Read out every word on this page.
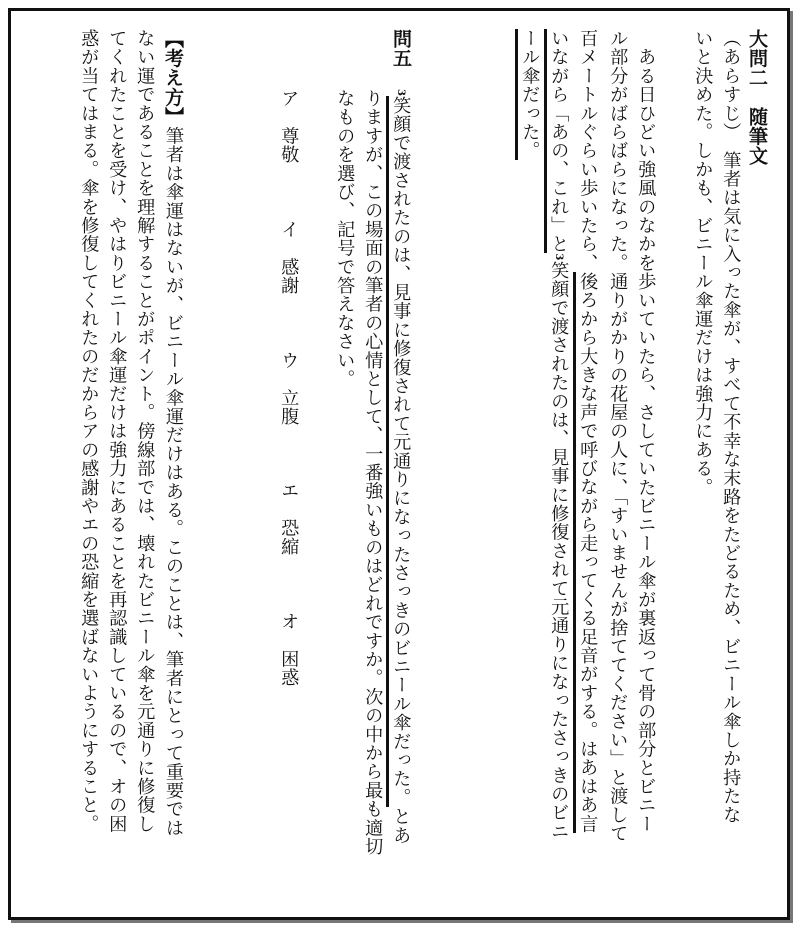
大問二　随筆文
（あらすじ）　筆者は気に入った傘が、すべて不幸な末路をたどるため、ビニール傘しか持たな
いと決めた。しかも、ビニール傘運だけは強力にある。
　ある日ひどい強風のなかを歩いていたら、さしていたビニール傘が裏返って骨の部分とビニー
ル部分がばらばらになった。通りがかりの花屋の人に、「すいませんが捨ててください」と渡して
百メートルぐらい歩いたら、後ろから大きな声で呼びながら走ってくる足音がする。はあはあ言
いながら「あの、これ」と3笑顔で渡されたのは、見事に修復されて元通りになったさっきのビニ
ール傘だった。
問五
3笑顔で渡されたのは、見事に修復されて元通りになったさっきのビニール傘だった。とあ
りますが、この場面の筆者の心情として、一番強いものはどれですか。次の中から最も適切
なものを選び、記号で答えなさい。
ア　尊敬イ　感謝ウ　立腹エ　恐縮オ　困惑
【考え方】筆者は傘運はないが、ビニール傘運だけはある。このことは、筆者にとって重要では
ない運であることを理解することがポイント。傍線部では、壊れたビニール傘を元通りに修復し
てくれたことを受け、やはりビニール傘運だけは強力にあることを再認識しているので、オの困
惑が当てはまる。傘を修復してくれたのだからアの感謝やエの恐縮を選ばないようにすること。
